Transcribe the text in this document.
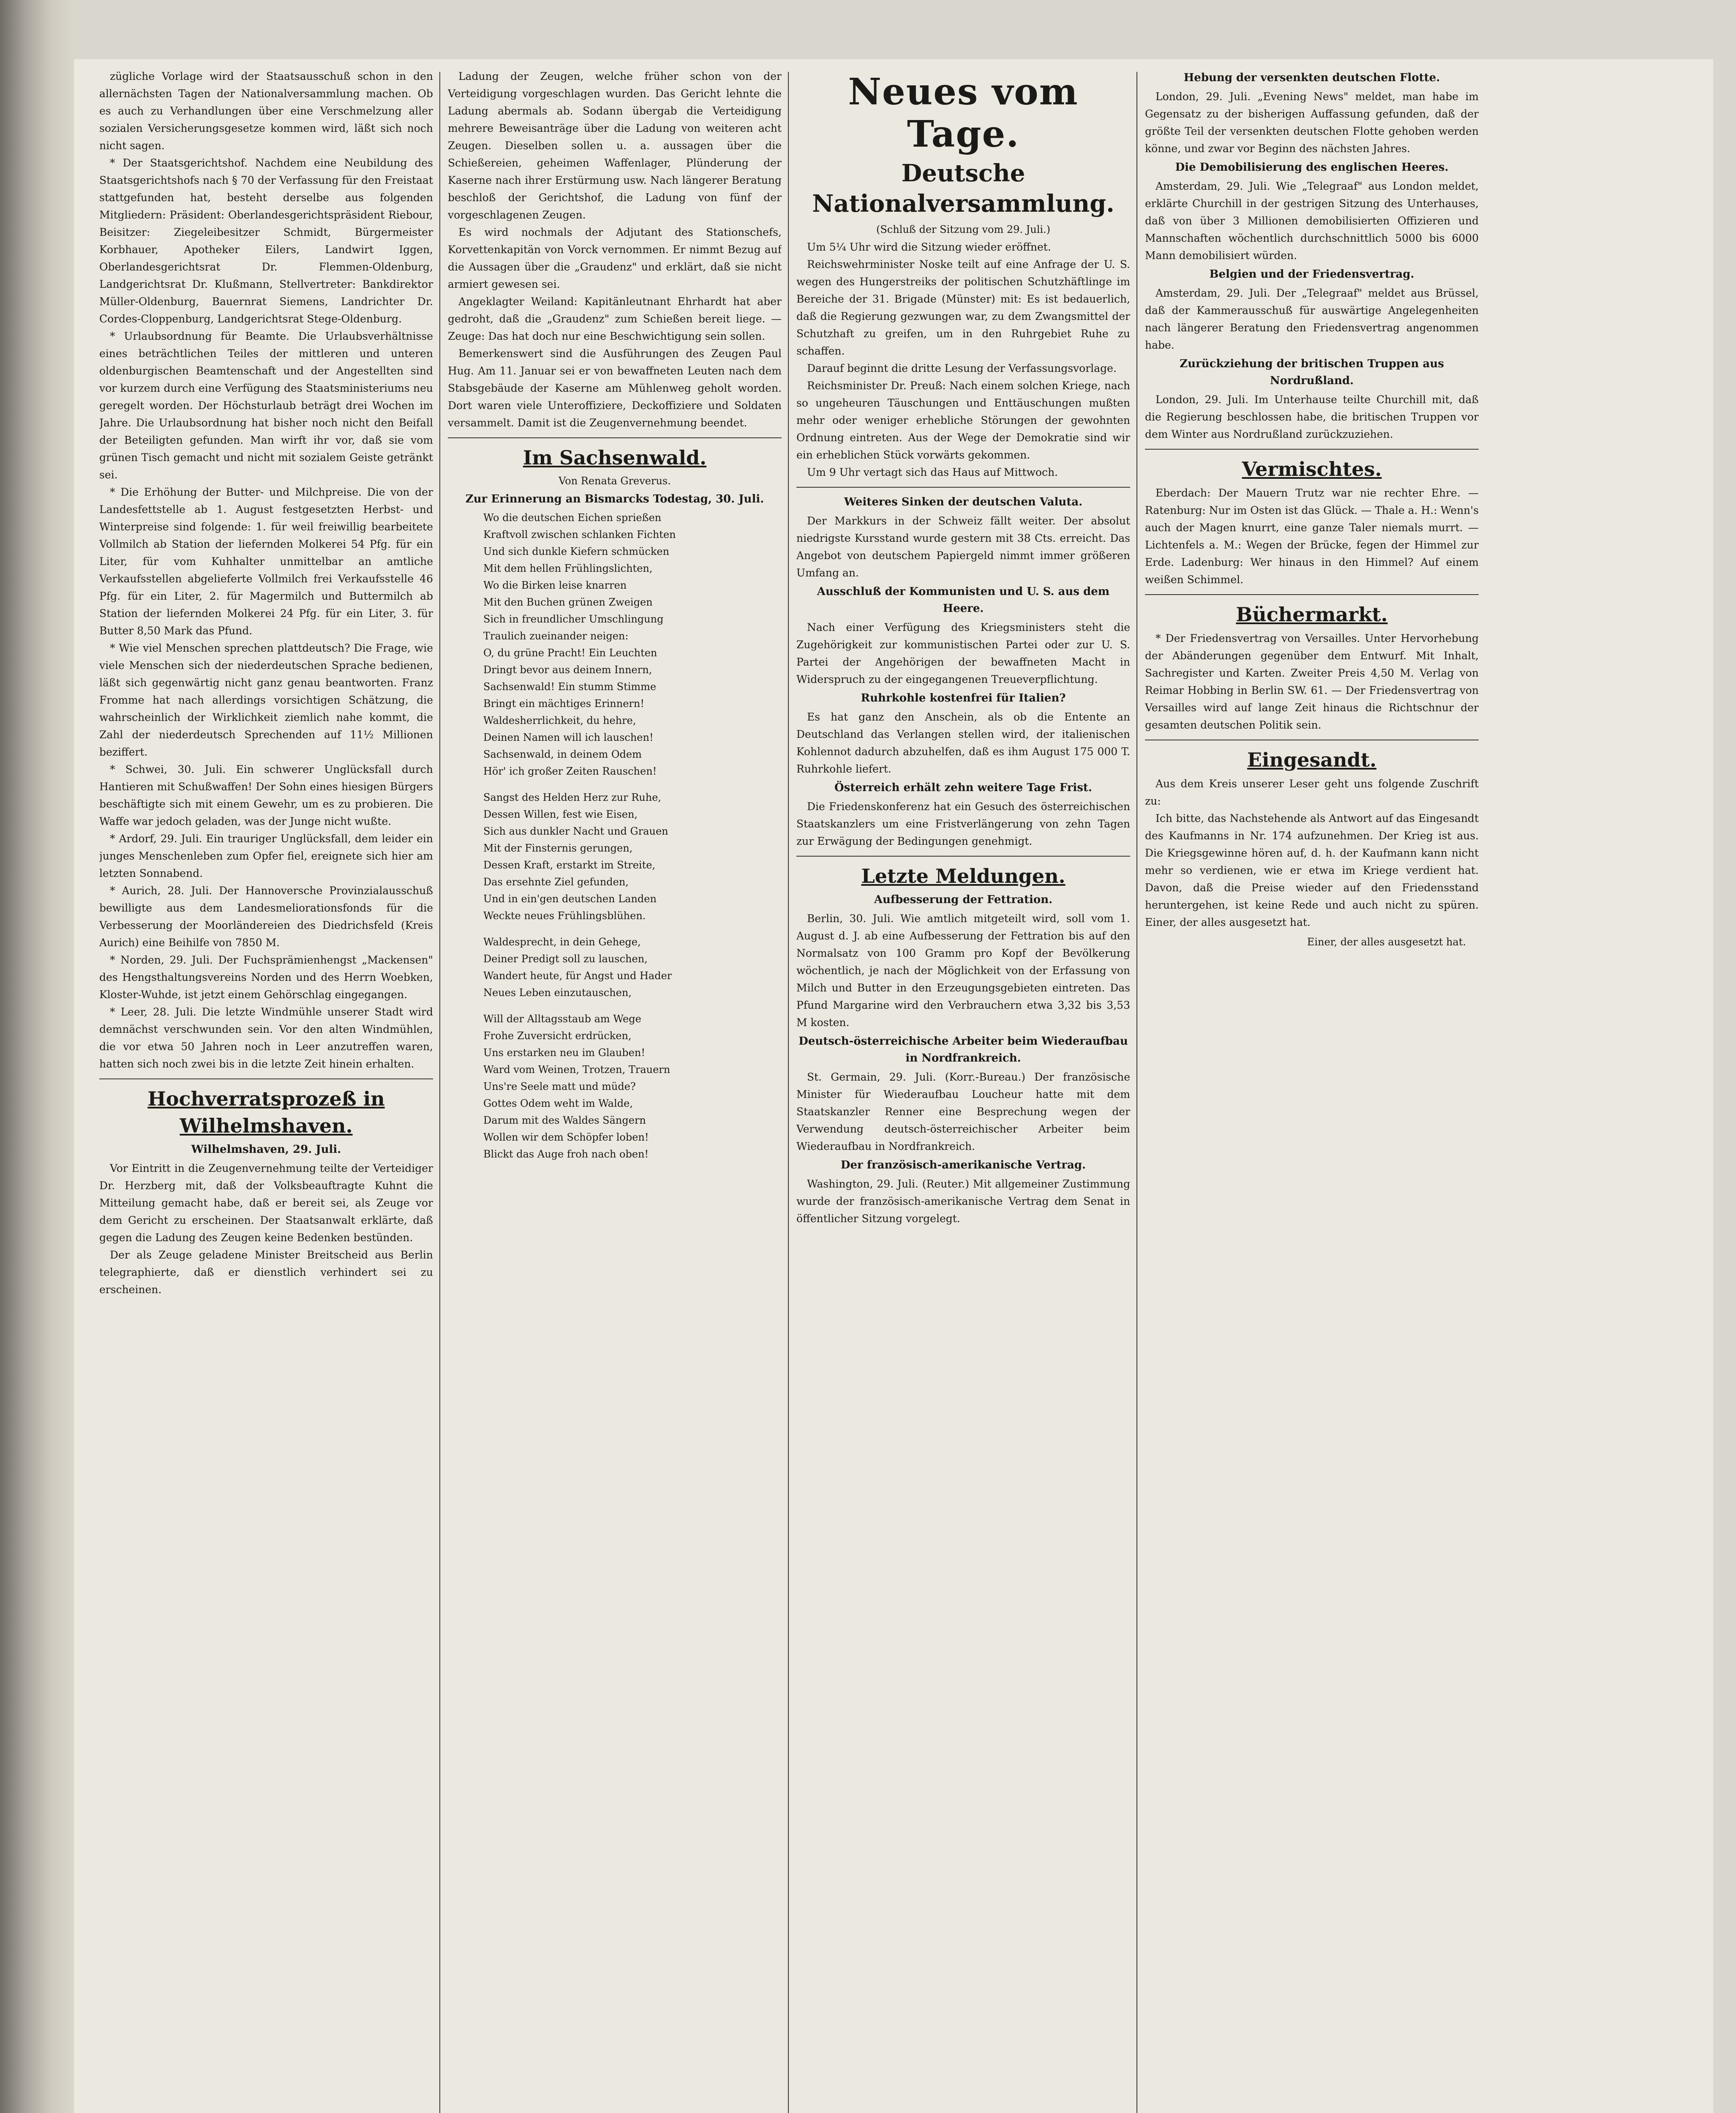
zügliche Vorlage wird der Staatsausschuß schon in den allernächsten Tagen der Nationalversammlung machen. Ob es auch zu Verhandlungen über eine Verschmelzung aller sozialen Versicherungsgesetze kommen wird, läßt sich noch nicht sagen.

* Der Staatsgerichtshof. Nachdem eine Neubildung des Staatsgerichtshofs nach § 70 der Verfassung für den Freistaat stattgefunden hat, besteht derselbe aus folgenden Mitgliedern: Präsident: Oberlandesgerichtspräsident Riebour, Beisitzer: Ziegeleibesitzer Schmidt, Bürgermeister Korbhauer, Apotheker Eilers, Landwirt Iggen, Oberlandesgerichtsrat Dr. Flemmen-Oldenburg, Landgerichtsrat Dr. Klußmann, Stellvertreter: Bankdirektor Müller-Oldenburg, Bauernrat Siemens, Landrichter Dr. Cordes-Cloppenburg, Landgerichtsrat Stege-Oldenburg.

* Urlaubsordnung für Beamte. Die Urlaubsverhältnisse eines beträchtlichen Teiles der mittleren und unteren oldenburgischen Beamtenschaft und der Angestellten sind vor kurzem durch eine Verfügung des Staatsministeriums neu geregelt worden. Der Höchsturlaub beträgt drei Wochen im Jahre. Die Urlaubsordnung hat bisher noch nicht den Beifall der Beteiligten gefunden. Man wirft ihr vor, daß sie vom grünen Tisch gemacht und nicht mit sozialem Geiste getränkt sei.

* Die Erhöhung der Butter- und Milchpreise. Die von der Landesfettstelle ab 1. August festgesetzten Herbst- und Winterpreise sind folgende: 1. für weil freiwillig bearbeitete Vollmilch ab Station der liefernden Molkerei 54 Pfg. für ein Liter, für vom Kuhhalter unmittelbar an amtliche Verkaufsstellen abgelieferte Vollmilch frei Verkaufsstelle 46 Pfg. für ein Liter, 2. für Magermilch und Buttermilch ab Station der liefernden Molkerei 24 Pfg. für ein Liter, 3. für Butter 8,50 Mark das Pfund.

* Wie viel Menschen sprechen plattdeutsch? Die Frage, wie viele Menschen sich der niederdeutschen Sprache bedienen, läßt sich gegenwärtig nicht ganz genau beantworten. Franz Fromme hat nach allerdings vorsichtigen Schätzung, die wahrscheinlich der Wirklichkeit ziemlich nahe kommt, die Zahl der niederdeutsch Sprechenden auf 11½ Millionen beziffert.

* Schwei, 30. Juli. Ein schwerer Unglücksfall durch Hantieren mit Schußwaffen! Der Sohn eines hiesigen Bürgers beschäftigte sich mit einem Gewehr, um es zu probieren. Die Waffe war jedoch geladen, was der Junge nicht wußte.

* Ardorf, 29. Juli. Ein trauriger Unglücksfall, dem leider ein junges Menschenleben zum Opfer fiel, ereignete sich hier am letzten Sonnabend.

* Aurich, 28. Juli. Der Hannoversche Provinzialausschuß bewilligte aus dem Landesmeliorationsfonds für die Verbesserung der Moorländereien des Diedrichsfeld (Kreis Aurich) eine Beihilfe von 7850 M.

* Norden, 29. Juli. Der Fuchsprämienhengst „Mackensen" des Hengsthaltungsvereins Norden und des Herrn Woebken, Kloster-Wuhde, ist jetzt einem Gehörschlag eingegangen.

* Leer, 28. Juli. Die letzte Windmühle unserer Stadt wird demnächst verschwunden sein. Vor den alten Windmühlen, die vor etwa 50 Jahren noch in Leer anzutreffen waren, hatten sich noch zwei bis in die letzte Zeit hinein erhalten.

Hochverratsprozeß in Wilhelmshaven.
Wilhelmshaven, 29. Juli.

Vor Eintritt in die Zeugenvernehmung teilte der Verteidiger Dr. Herzberg mit, daß der Volksbeauftragte Kuhnt die Mitteilung gemacht habe, daß er bereit sei, als Zeuge vor dem Gericht zu erscheinen. Der Staatsanwalt erklärte, daß gegen die Ladung des Zeugen keine Bedenken bestünden.

Der als Zeuge geladene Minister Breitscheid aus Berlin telegraphierte, daß er dienstlich verhindert sei zu erscheinen.

Ladung der Zeugen, welche früher schon von der Verteidigung vorgeschlagen wurden. Das Gericht lehnte die Ladung abermals ab. Sodann übergab die Verteidigung mehrere Beweisanträge über die Ladung von weiteren acht Zeugen. Dieselben sollen u. a. aussagen über die Schießereien, geheimen Waffenlager, Plünderung der Kaserne nach ihrer Erstürmung usw. Nach längerer Beratung beschloß der Gerichtshof, die Ladung von fünf der vorgeschlagenen Zeugen.

Es wird nochmals der Adjutant des Stationschefs, Korvettenkapitän von Vorck vernommen. Er nimmt Bezug auf die Aussagen über die „Graudenz" und erklärt, daß sie nicht armiert gewesen sei.

Angeklagter Weiland: Kapitänleutnant Ehrhardt hat aber gedroht, daß die „Graudenz" zum Schießen bereit liege. — Zeuge: Das hat doch nur eine Beschwichtigung sein sollen.

Bemerkenswert sind die Ausführungen des Zeugen Paul Hug. Am 11. Januar sei er von bewaffneten Leuten nach dem Stabsgebäude der Kaserne am Mühlenweg geholt worden. Dort waren viele Unteroffiziere, Deckoffiziere und Soldaten versammelt. Damit ist die Zeugenvernehmung beendet.

Im Sachsenwald.
Von Renata Greverus.
Zur Erinnerung an Bismarcks Todestag, 30. Juli.

Wo die deutschen Eichen sprießen

Kraftvoll zwischen schlanken Fichten

Und sich dunkle Kiefern schmücken

Mit dem hellen Frühlingslichten,

Wo die Birken leise knarren

Mit den Buchen grünen Zweigen

Sich in freundlicher Umschlingung

Traulich zueinander neigen:

O, du grüne Pracht! Ein Leuchten

Dringt bevor aus deinem Innern,

Sachsenwald! Ein stumm Stimme

Bringt ein mächtiges Erinnern!

Waldesherrlichkeit, du hehre,

Deinen Namen will ich lauschen!

Sachsenwald, in deinem Odem

Hör' ich großer Zeiten Rauschen!

Sangst des Helden Herz zur Ruhe,

Dessen Willen, fest wie Eisen,

Sich aus dunkler Nacht und Grauen

Mit der Finsternis gerungen,

Dessen Kraft, erstarkt im Streite,

Das ersehnte Ziel gefunden,

Und in ein'gen deutschen Landen

Weckte neues Frühlingsblühen.

Waldesprecht, in dein Gehege,

Deiner Predigt soll zu lauschen,

Wandert heute, für Angst und Hader

Neues Leben einzutauschen,

Will der Alltagsstaub am Wege

Frohe Zuversicht erdrücken,

Uns erstarken neu im Glauben!

Ward vom Weinen, Trotzen, Trauern

Uns're Seele matt und müde?

Gottes Odem weht im Walde,

Darum mit des Waldes Sängern

Wollen wir dem Schöpfer loben!

Blickt das Auge froh nach oben!

Neues vom Tage.
Deutsche Nationalversammlung.
(Schluß der Sitzung vom 29. Juli.)

Um 5¼ Uhr wird die Sitzung wieder eröffnet.

Reichswehrminister Noske teilt auf eine Anfrage der U. S. wegen des Hungerstreiks der politischen Schutzhäftlinge im Bereiche der 31. Brigade (Münster) mit: Es ist bedauerlich, daß die Regierung gezwungen war, zu dem Zwangsmittel der Schutzhaft zu greifen, um in den Ruhrgebiet Ruhe zu schaffen.

Darauf beginnt die dritte Lesung der Verfassungsvorlage.

Reichsminister Dr. Preuß: Nach einem solchen Kriege, nach so ungeheuren Täuschungen und Enttäuschungen mußten mehr oder weniger erhebliche Störungen der gewohnten Ordnung eintreten. Aus der Wege der Demokratie sind wir ein erheblichen Stück vorwärts gekommen.

Um 9 Uhr vertagt sich das Haus auf Mittwoch.

Weiteres Sinken der deutschen Valuta.

Der Markkurs in der Schweiz fällt weiter. Der absolut niedrigste Kursstand wurde gestern mit 38 Cts. erreicht. Das Angebot von deutschem Papiergeld nimmt immer größeren Umfang an.

Ausschluß der Kommunisten und U. S. aus dem Heere.

Nach einer Verfügung des Kriegsministers steht die Zugehörigkeit zur kommunistischen Partei oder zur U. S. Partei der Angehörigen der bewaffneten Macht in Widerspruch zu der eingegangenen Treueverpflichtung.

Ruhrkohle kostenfrei für Italien?

Es hat ganz den Anschein, als ob die Entente an Deutschland das Verlangen stellen wird, der italienischen Kohlennot dadurch abzuhelfen, daß es ihm August 175 000 T. Ruhrkohle liefert.

Österreich erhält zehn weitere Tage Frist.

Die Friedenskonferenz hat ein Gesuch des österreichischen Staatskanzlers um eine Fristverlängerung von zehn Tagen zur Erwägung der Bedingungen genehmigt.

Letzte Meldungen.
Aufbesserung der Fettration.

Berlin, 30. Juli. Wie amtlich mitgeteilt wird, soll vom 1. August d. J. ab eine Aufbesserung der Fettration bis auf den Normalsatz von 100 Gramm pro Kopf der Bevölkerung wöchentlich, je nach der Möglichkeit von der Erfassung von Milch und Butter in den Erzeugungsgebieten eintreten. Das Pfund Margarine wird den Verbrauchern etwa 3,32 bis 3,53 M kosten.

Deutsch-österreichische Arbeiter beim Wiederaufbau in Nordfrankreich.

St. Germain, 29. Juli. (Korr.-Bureau.) Der französische Minister für Wiederaufbau Loucheur hatte mit dem Staatskanzler Renner eine Besprechung wegen der Verwendung deutsch-österreichischer Arbeiter beim Wiederaufbau in Nordfrankreich.

Der französisch-amerikanische Vertrag.

Washington, 29. Juli. (Reuter.) Mit allgemeiner Zustimmung wurde der französisch-amerikanische Vertrag dem Senat in öffentlicher Sitzung vorgelegt.

Hebung der versenkten deutschen Flotte.

London, 29. Juli. „Evening News" meldet, man habe im Gegensatz zu der bisherigen Auffassung gefunden, daß der größte Teil der versenkten deutschen Flotte gehoben werden könne, und zwar vor Beginn des nächsten Jahres.

Die Demobilisierung des englischen Heeres.

Amsterdam, 29. Juli. Wie „Telegraaf" aus London meldet, erklärte Churchill in der gestrigen Sitzung des Unterhauses, daß von über 3 Millionen demobilisierten Offizieren und Mannschaften wöchentlich durchschnittlich 5000 bis 6000 Mann demobilisiert würden.

Belgien und der Friedensvertrag.

Amsterdam, 29. Juli. Der „Telegraaf" meldet aus Brüssel, daß der Kammerausschuß für auswärtige Angelegenheiten nach längerer Beratung den Friedensvertrag angenommen habe.

Zurückziehung der britischen Truppen aus Nordrußland.

London, 29. Juli. Im Unterhause teilte Churchill mit, daß die Regierung beschlossen habe, die britischen Truppen vor dem Winter aus Nordrußland zurückzuziehen.

Vermischtes.

Eberdach: Der Mauern Trutz war nie rechter Ehre. — Ratenburg: Nur im Osten ist das Glück. — Thale a. H.: Wenn's auch der Magen knurrt, eine ganze Taler niemals murrt. — Lichtenfels a. M.: Wegen der Brücke, fegen der Himmel zur Erde. Ladenburg: Wer hinaus in den Himmel? Auf einem weißen Schimmel.

Büchermarkt.

* Der Friedensvertrag von Versailles. Unter Hervorhebung der Abänderungen gegenüber dem Entwurf. Mit Inhalt, Sachregister und Karten. Zweiter Preis 4,50 M. Verlag von Reimar Hobbing in Berlin SW. 61. — Der Friedensvertrag von Versailles wird auf lange Zeit hinaus die Richtschnur der gesamten deutschen Politik sein.

Eingesandt.

Aus dem Kreis unserer Leser geht uns folgende Zuschrift zu:

Ich bitte, das Nachstehende als Antwort auf das Eingesandt des Kaufmanns in Nr. 174 aufzunehmen. Der Krieg ist aus. Die Kriegsgewinne hören auf, d. h. der Kaufmann kann nicht mehr so verdienen, wie er etwa im Kriege verdient hat. Davon, daß die Preise wieder auf den Friedensstand heruntergehen, ist keine Rede und auch nicht zu spüren. Einer, der alles ausgesetzt hat.

Einer, der alles ausgesetzt hat.
